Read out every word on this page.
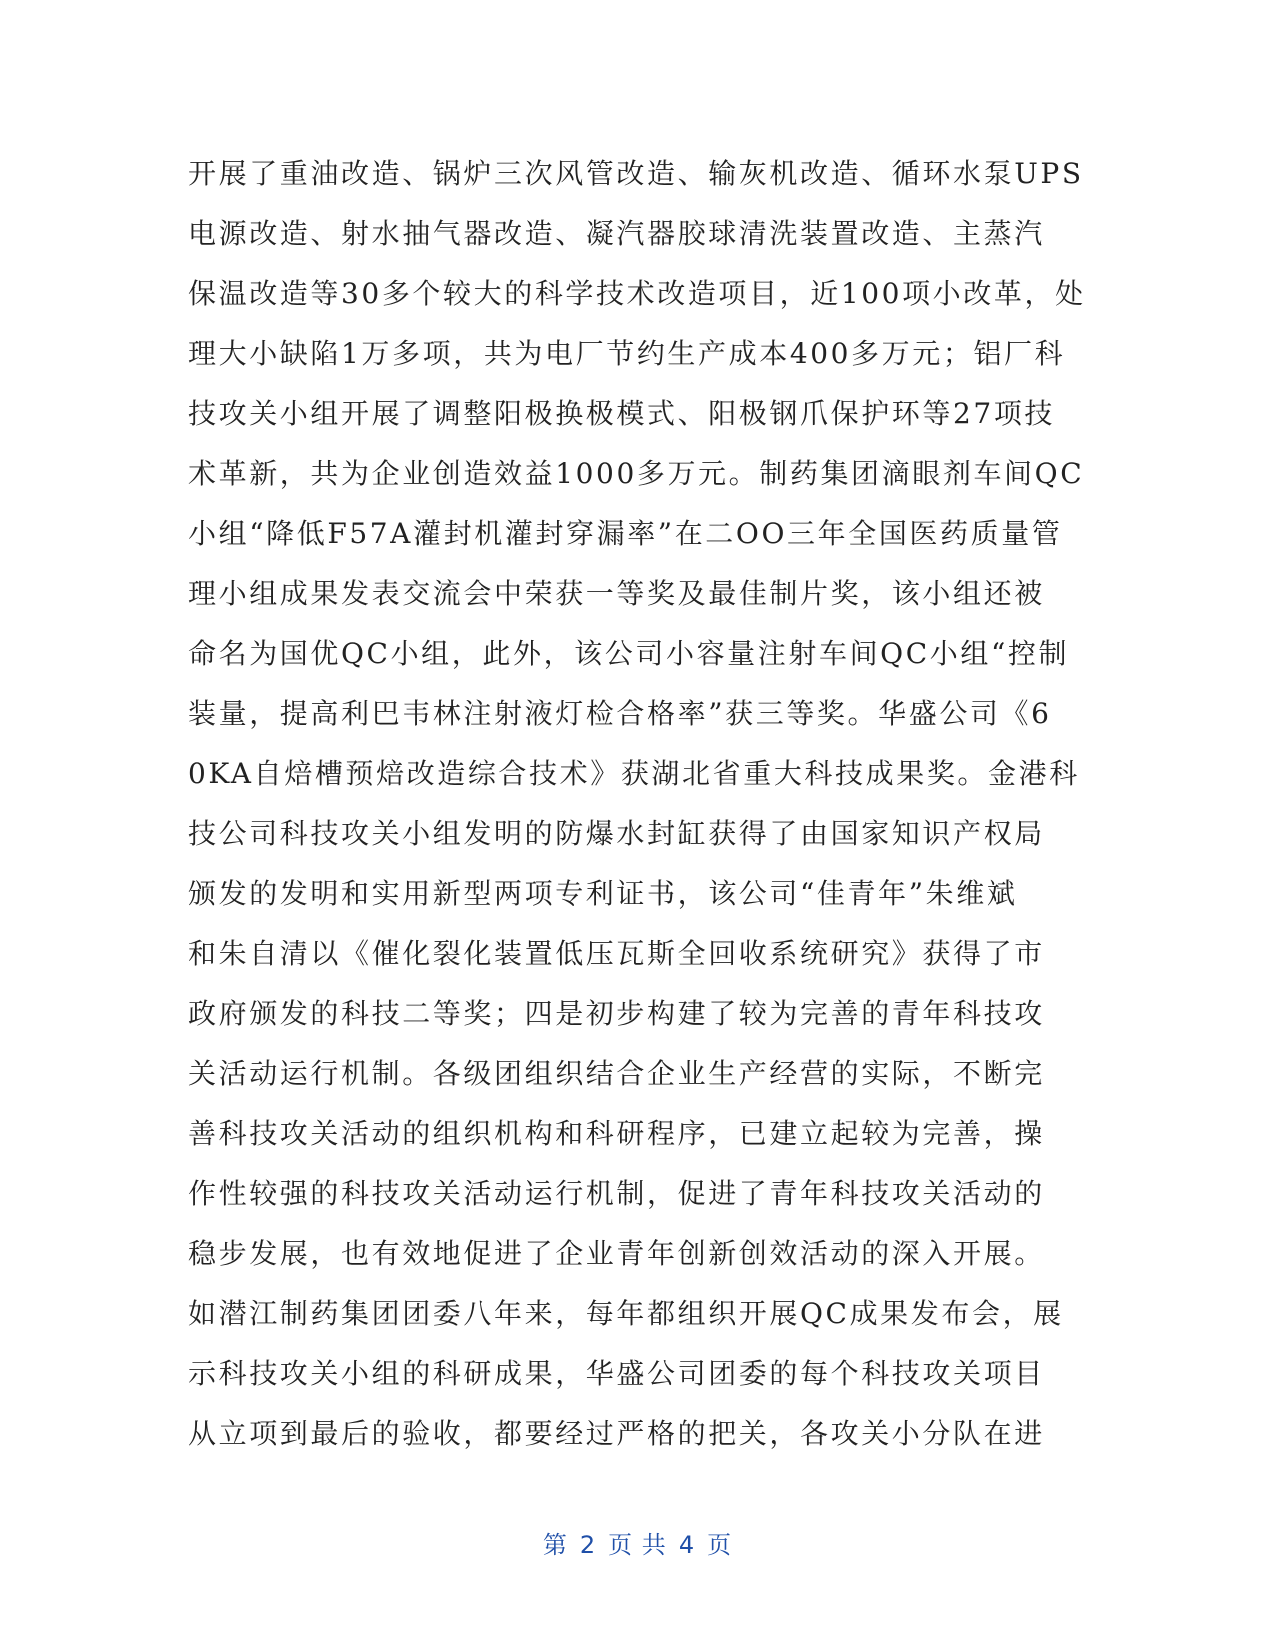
开展了重油改造、锅炉三次风管改造、输灰机改造、循环水泵UPS
电源改造、射水抽气器改造、凝汽器胶球清洗装置改造、主蒸汽
保温改造等30多个较大的科学技术改造项目，近100项小改革，处
理大小缺陷1万多项，共为电厂节约生产成本400多万元；铝厂科
技攻关小组开展了调整阳极换极模式、阳极钢爪保护环等27项技
术革新，共为企业创造效益1000多万元。制药集团滴眼剂车间QC
小组“降低F57A灌封机灌封穿漏率”在二OO三年全国医药质量管
理小组成果发表交流会中荣获一等奖及最佳制片奖，该小组还被
命名为国优QC小组，此外，该公司小容量注射车间QC小组“控制
装量，提高利巴韦林注射液灯检合格率”获三等奖。华盛公司《6
0KA自焙槽预焙改造综合技术》获湖北省重大科技成果奖。金港科
技公司科技攻关小组发明的防爆水封缸获得了由国家知识产权局
颁发的发明和实用新型两项专利证书，该公司“佳青年”朱维斌
和朱自清以《催化裂化装置低压瓦斯全回收系统研究》获得了市
政府颁发的科技二等奖；四是初步构建了较为完善的青年科技攻
关活动运行机制。各级团组织结合企业生产经营的实际，不断完
善科技攻关活动的组织机构和科研程序，已建立起较为完善，操
作性较强的科技攻关活动运行机制，促进了青年科技攻关活动的
稳步发展，也有效地促进了企业青年创新创效活动的深入开展。
如潜江制药集团团委八年来，每年都组织开展QC成果发布会，展
示科技攻关小组的科研成果，华盛公司团委的每个科技攻关项目
从立项到最后的验收，都要经过严格的把关，各攻关小分队在进
第 2 页 共 4 页
